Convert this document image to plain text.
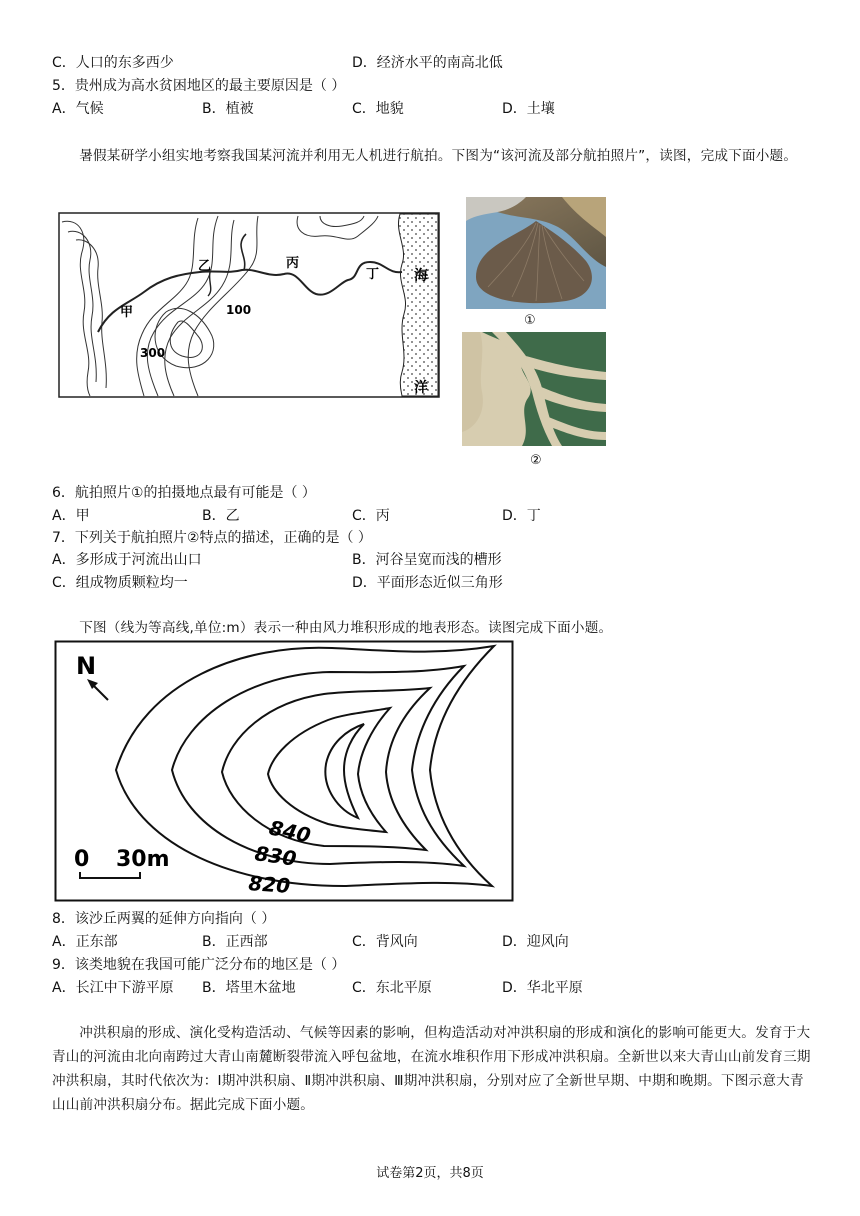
C．人口的东多西少	D．经济水平的南高北低
5．贵州成为高水贫困地区的最主要原因是（ ）
A．气候	B．植被	C．地貌	D．土壤

暑假某研学小组实地考察我国某河流并利用无人机进行航拍。下图为“该河流及部分航拍照片”，读图，完成下面小题。

甲
乙	丙
丁 海
洋
100
300
①
②
6．航拍照片①的拍摄地点最有可能是（ ）
A．甲	B．乙	C．丙	D．丁
7．下列关于航拍照片②特点的描述，正确的是（ ）
A．多形成于河流出山口	B．河谷呈宽而浅的槽形
C．组成物质颗粒均一	D．平面形态近似三角形

下图（线为等高线,单位:m）表示一种由风力堆积形成的地表形态。读图完成下面小题。

N
840
830
820
0 30m
8．该沙丘两翼的延伸方向指向（ ）
A．正东部	B．正西部	C．背风向	D．迎风向
9．该类地貌在我国可能广泛分布的地区是（ ）
A．长江中下游平原 B．塔里木盆地	C．东北平原	D．华北平原

冲洪积扇的形成、演化受构造活动、气候等因素的影响，但构造活动对冲洪积扇的形成和演化的影响可能更大。发育于大青山的河流由北向南跨过大青山南麓断裂带流入呼包盆地，在流水堆积作用下形成冲洪积扇。全新世以来大青山山前发育三期冲洪积扇，其时代依次为：Ⅰ期冲洪积扇、Ⅱ期冲洪积扇、Ⅲ期冲洪积扇，分别对应了全新世早期、中期和晚期。下图示意大青山山前冲洪积扇分布。据此完成下面小题。

试卷第2页，共8页
